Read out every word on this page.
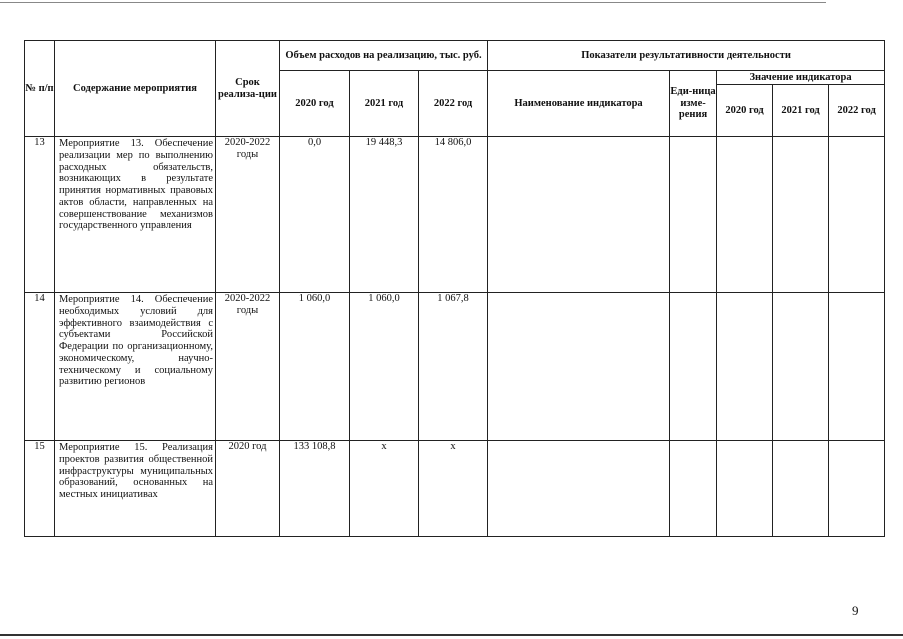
№ п/п	Содержание мероприятия	Срок реализа-ции	Объем расходов на реализацию, тыс. руб.			Показатели результативности деятельности				
			2020 год	2021 год	2022 год	Наименование индикатора	Еди-ница изме-рения	Значение индикатора		
								2020 год	2021 год	2022 год
13	Мероприятие 13. Обеспечение реализации мер по выполнению расходных обязательств, возникающих в результате принятия нормативных правовых актов области, направленных на совершенствование механизмов государственного управления	2020-2022 годы	0,0	19 448,3	14 806,0					
14	Мероприятие 14. Обеспечение необходимых условий для эффективного взаимодействия с субъектами Российской Федерации по организационному, экономическому, научно-техническому и социальному развитию регионов	2020-2022 годы	1 060,0	1 060,0	1 067,8					
15	Мероприятие 15. Реализация проектов развития общественной инфраструктуры муниципальных образований, основанных на местных инициативах	2020 год	133 108,8	х	х					
9
